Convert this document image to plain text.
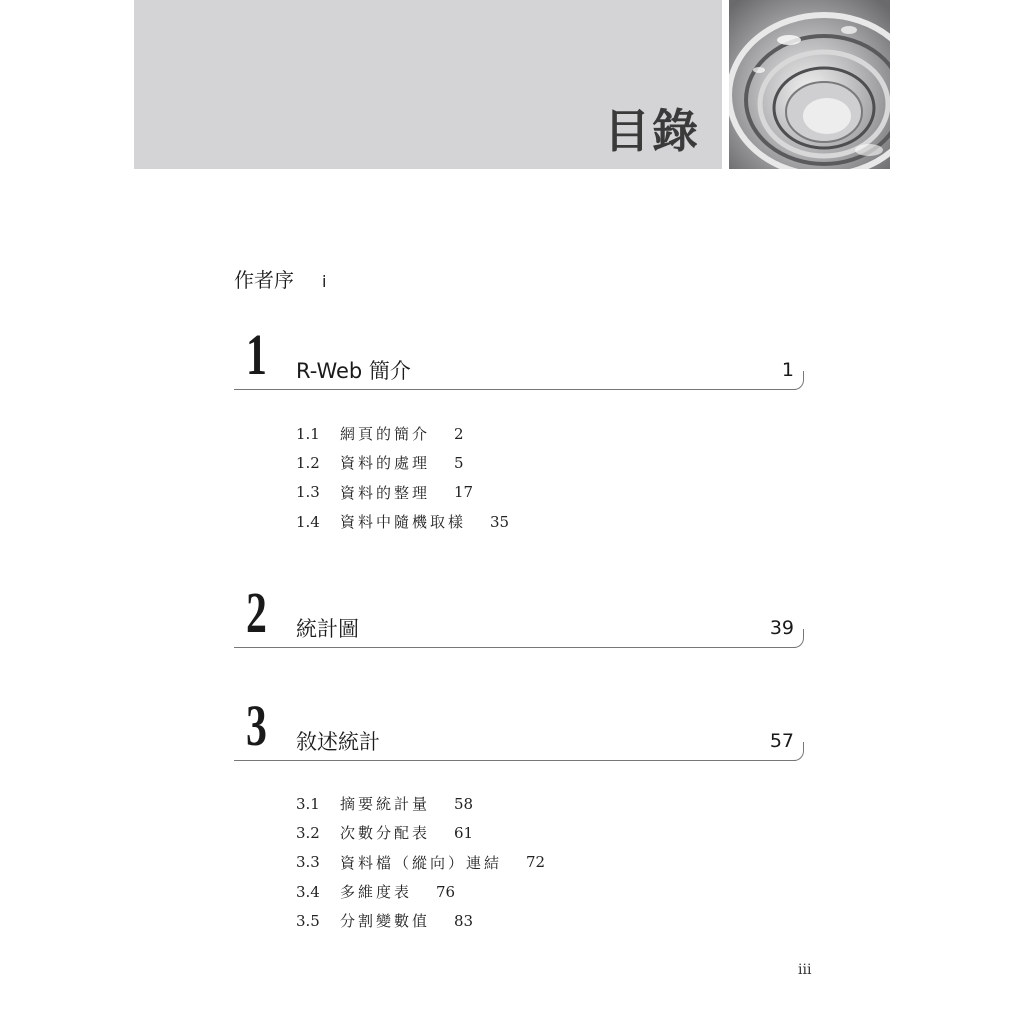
目錄
作者序 i
1 R-Web 簡介	1
1.1	網頁的簡介 2
1.2	資料的處理 5
1.3	資料的整理 17
1.4	資料中隨機取樣 35
2 統計圖	39
3 敘述統計	57
3.1	摘要統計量 58
3.2	次數分配表 61
3.3	資料檔（縱向）連結 72
3.4	多維度表 76
3.5	分割變數值 83
iii
